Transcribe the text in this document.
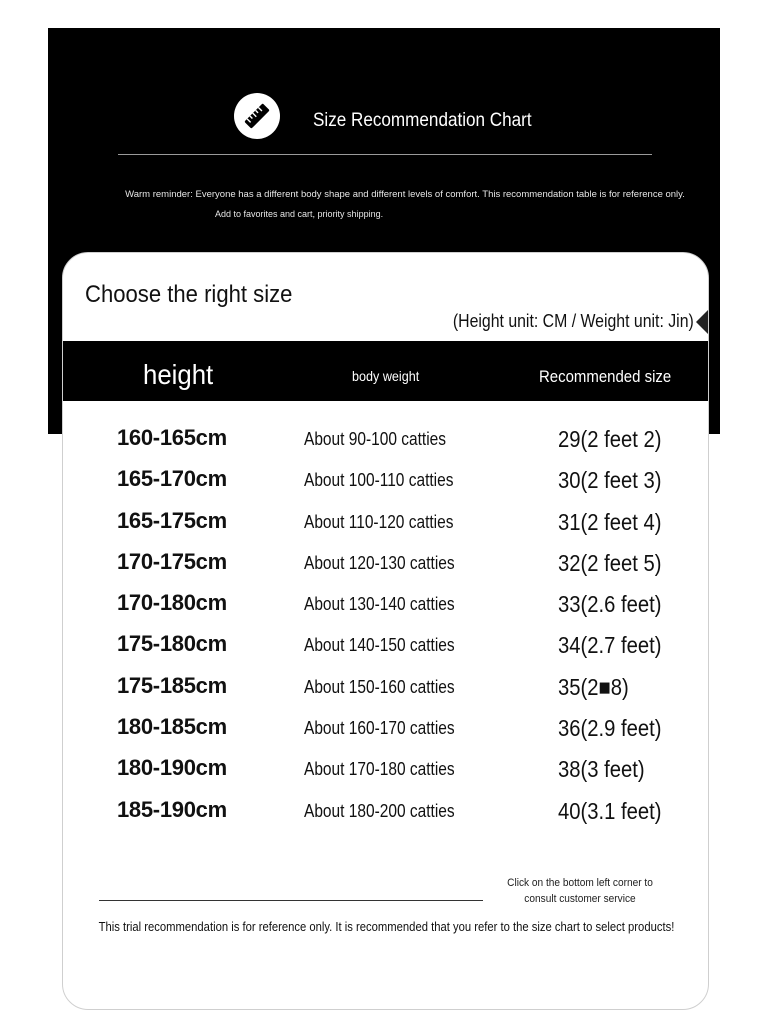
Size Recommendation Chart
Warm reminder: Everyone has a different body shape and different levels of comfort. This recommendation table is for reference only.
Add to favorites and cart, priority shipping.
Choose the right size
(Height unit: CM / Weight unit: Jin)
height	body weight	Recommended size
160-165cm	About 90-100 catties	29(2 feet 2)
165-170cm	About 100-110 catties	30(2 feet 3)
165-175cm	About 110-120 catties	31(2 feet 4)
170-175cm	About 120-130 catties	32(2 feet 5)
170-180cm	About 130-140 catties	33(2.6 feet)
175-180cm	About 140-150 catties	34(2.7 feet)
175-185cm	About 150-160 catties	35(2■8)
180-185cm	About 160-170 catties	36(2.9 feet)
180-190cm	About 170-180 catties	38(3 feet)
185-190cm	About 180-200 catties	40(3.1 feet)
Click on the bottom left corner to consult customer service
This trial recommendation is for reference only. It is recommended that you refer to the size chart to select products!
